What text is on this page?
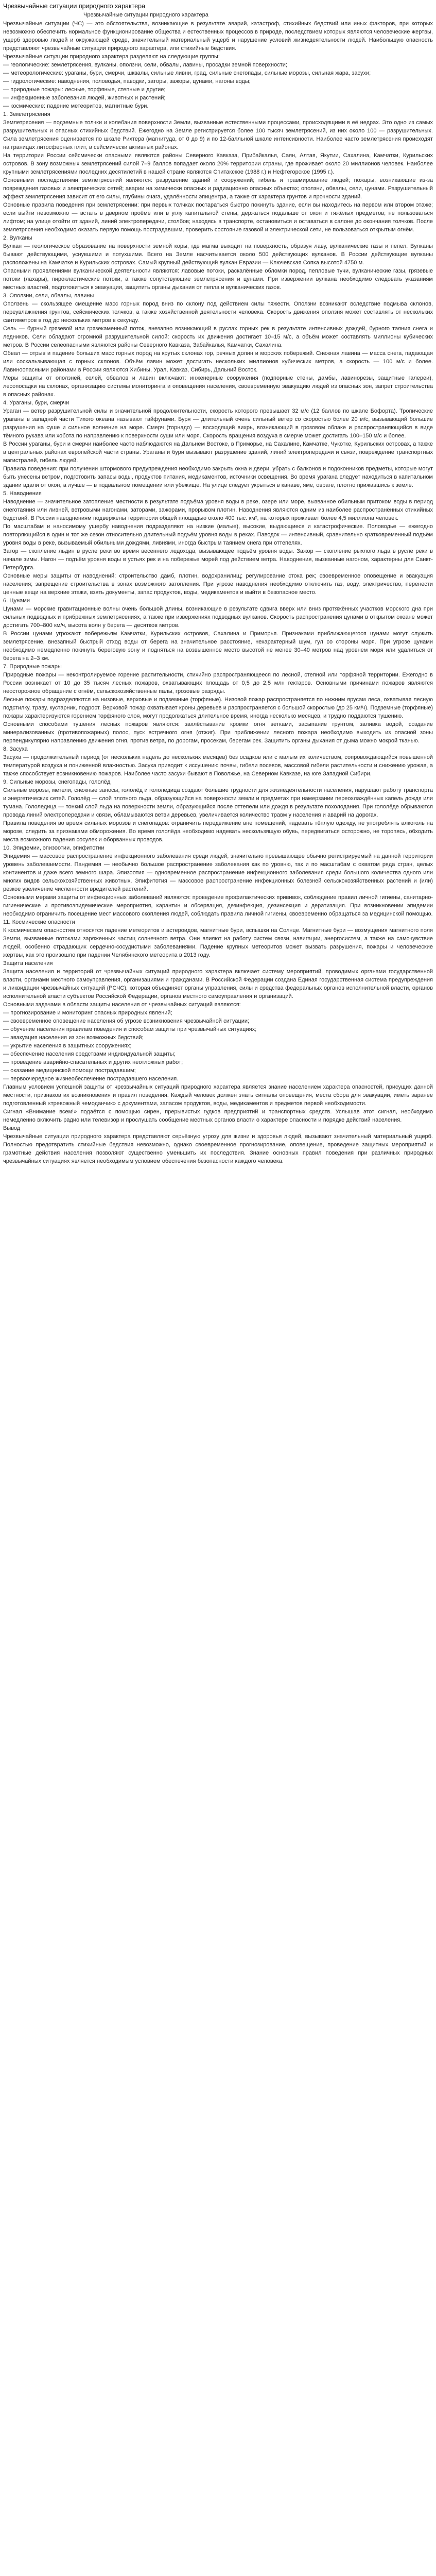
Чрезвычайные ситуации природного характера
Чрезвычайные ситуации природного характера

Чрезвычайные ситуации (ЧС) — это обстоятельства, возникающие в результате аварий, катастроф, стихийных бедствий или иных факторов, при которых невозможно обеспечить нормальное функционирование общества и естественных процессов в природе, последствием которых являются человеческие жертвы, ущерб здоровью людей и окружающей среде, значительный материальный ущерб и нарушение условий жизнедеятельности людей. Наибольшую опасность представляют чрезвычайные ситуации природного характера, или стихийные бедствия.

Чрезвычайные ситуации природного характера разделяют на следующие группы:

— геологические: землетрясения, вулканы, оползни, сели, обвалы, лавины, просадки земной поверхности;

— метеорологические: ураганы, бури, смерчи, шквалы, сильные ливни, град, сильные снегопады, сильные морозы, сильная жара, засухи;

— гидрологические: наводнения, половодья, паводки, заторы, зажоры, цунами, нагоны воды;

— природные пожары: лесные, торфяные, степные и другие;

— инфекционные заболевания людей, животных и растений;

— космические: падение метеоритов, магнитные бури.

1. Землетрясения

Землетрясения — подземные толчки и колебания поверхности Земли, вызванные естественными процессами, происходящими в её недрах. Это одно из самых разрушительных и опасных стихийных бедствий. Ежегодно на Земле регистрируется более 100 тысяч землетрясений, из них около 100 — разрушительных. Сила землетрясения оценивается по шкале Рихтера (магнитуда, от 0 до 9) и по 12-балльной шкале интенсивности. Наиболее часто землетрясения происходят на границах литосферных плит, в сейсмически активных районах.

На территории России сейсмически опасными являются районы Северного Кавказа, Прибайкалья, Саян, Алтая, Якутии, Сахалина, Камчатки, Курильских островов. В зону возможных землетрясений силой 7–9 баллов попадает около 20% территории страны, где проживает около 20 миллионов человек. Наиболее крупными землетрясениями последних десятилетий в нашей стране являются Спитакское (1988 г.) и Нефтегорское (1995 г.).

Основными последствиями землетрясений являются: разрушение зданий и сооружений; гибель и травмирование людей; пожары, возникающие из-за повреждения газовых и электрических сетей; аварии на химически опасных и радиационно опасных объектах; оползни, обвалы, сели, цунами. Разрушительный эффект землетрясения зависит от его силы, глубины очага, удалённости эпицентра, а также от характера грунтов и прочности зданий.

Основные правила поведения при землетрясении: при первых толчках постараться быстро покинуть здание, если вы находитесь на первом или втором этаже; если выйти невозможно — встать в дверном проёме или в углу капитальной стены, держаться подальше от окон и тяжёлых предметов; не пользоваться лифтом; на улице отойти от зданий, линий электропередачи, столбов; находясь в транспорте, остановиться и оставаться в салоне до окончания толчков. После землетрясения необходимо оказать первую помощь пострадавшим, проверить состояние газовой и электрической сети, не пользоваться открытым огнём.

2. Вулканы

Вулкан — геологическое образование на поверхности земной коры, где магма выходит на поверхность, образуя лаву, вулканические газы и пепел. Вулканы бывают действующими, уснувшими и потухшими. Всего на Земле насчитывается около 500 действующих вулканов. В России действующие вулканы расположены на Камчатке и Курильских островах. Самый крупный действующий вулкан Евразии — Ключевская Сопка высотой 4750 м.

Опасными проявлениями вулканической деятельности являются: лавовые потоки, раскалённые обломки пород, пепловые тучи, вулканические газы, грязевые потоки (лахары), пирокластические потоки, а также сопутствующие землетрясения и цунами. При извержении вулкана необходимо следовать указаниям местных властей, подготовиться к эвакуации, защитить органы дыхания от пепла и вулканических газов.

3. Оползни, сели, обвалы, лавины

Оползень — скользящее смещение масс горных пород вниз по склону под действием силы тяжести. Оползни возникают вследствие подмыва склонов, переувлажнения грунтов, сейсмических толчков, а также хозяйственной деятельности человека. Скорость движения оползня может составлять от нескольких сантиметров в год до нескольких метров в секунду.

Сель — бурный грязевой или грязекаменный поток, внезапно возникающий в руслах горных рек в результате интенсивных дождей, бурного таяния снега и ледников. Сели обладают огромной разрушительной силой: скорость их движения достигает 10–15 м/с, а объём может составлять миллионы кубических метров. В России селеопасными являются районы Северного Кавказа, Забайкалья, Камчатки, Сахалина.

Обвал — отрыв и падение больших масс горных пород на крутых склонах гор, речных долин и морских побережий. Снежная лавина — масса снега, падающая или соскальзывающая с горных склонов. Объём лавин может достигать нескольких миллионов кубических метров, а скорость — 100 м/с и более. Лавиноопасными районами в России являются Хибины, Урал, Кавказ, Сибирь, Дальний Восток.

Меры защиты от оползней, селей, обвалов и лавин включают: инженерные сооружения (подпорные стены, дамбы, лавинорезы, защитные галереи), лесопосадки на склонах, организацию системы мониторинга и оповещения населения, своевременную эвакуацию людей из опасных зон, запрет строительства в опасных районах.

4. Ураганы, бури, смерчи

Ураган — ветер разрушительной силы и значительной продолжительности, скорость которого превышает 32 м/с (12 баллов по шкале Бофорта). Тропические ураганы в западной части Тихого океана называют тайфунами. Буря — длительный очень сильный ветер со скоростью более 20 м/с, вызывающий большие разрушения на суше и сильное волнение на море. Смерч (торнадо) — восходящий вихрь, возникающий в грозовом облаке и распространяющийся в виде тёмного рукава или хобота по направлению к поверхности суши или моря. Скорость вращения воздуха в смерче может достигать 100–150 м/с и более.

В России ураганы, бури и смерчи наиболее часто наблюдаются на Дальнем Востоке, в Приморье, на Сахалине, Камчатке, Чукотке, Курильских островах, а также в центральных районах европейской части страны. Ураганы и бури вызывают разрушение зданий, линий электропередачи и связи, повреждение транспортных магистралей, гибель людей.

Правила поведения: при получении штормового предупреждения необходимо закрыть окна и двери, убрать с балконов и подоконников предметы, которые могут быть унесены ветром, подготовить запасы воды, продуктов питания, медикаментов, источники освещения. Во время урагана следует находиться в капитальном здании вдали от окон, а лучше — в подвальном помещении или убежище. На улице следует укрыться в канаве, яме, овраге, плотно прижавшись к земле.

5. Наводнения

Наводнение — значительное затопление местности в результате подъёма уровня воды в реке, озере или море, вызванное обильным притоком воды в период снеготаяния или ливней, ветровыми нагонами, заторами, зажорами, прорывом плотин. Наводнения являются одним из наиболее распространённых стихийных бедствий. В России наводнениям подвержены территории общей площадью около 400 тыс. км², на которых проживает более 4,5 миллиона человек.

По масштабам и наносимому ущербу наводнения подразделяют на низкие (малые), высокие, выдающиеся и катастрофические. Половодье — ежегодно повторяющийся в один и тот же сезон относительно длительный подъём уровня воды в реках. Паводок — интенсивный, сравнительно кратковременный подъём уровня воды в реке, вызываемый обильными дождями, ливнями, иногда быстрым таянием снега при оттепелях.

Затор — скопление льдин в русле реки во время весеннего ледохода, вызывающее подъём уровня воды. Зажор — скопление рыхлого льда в русле реки в начале зимы. Нагон — подъём уровня воды в устьях рек и на побережье морей под действием ветра. Наводнения, вызванные нагоном, характерны для Санкт-Петербурга.

Основные меры защиты от наводнений: строительство дамб, плотин, водохранилищ; регулирование стока рек; своевременное оповещение и эвакуация населения; запрещение строительства в зонах возможного затопления. При угрозе наводнения необходимо отключить газ, воду, электричество, перенести ценные вещи на верхние этажи, взять документы, запас продуктов, воды, медикаментов и выйти в безопасное место.

6. Цунами

Цунами — морские гравитационные волны очень большой длины, возникающие в результате сдвига вверх или вниз протяжённых участков морского дна при сильных подводных и прибрежных землетрясениях, а также при извержениях подводных вулканов. Скорость распространения цунами в открытом океане может достигать 700–800 км/ч, высота волн у берега — десятков метров.

В России цунами угрожают побережьям Камчатки, Курильских островов, Сахалина и Приморья. Признаками приближающегося цунами могут служить землетрясение, внезапный быстрый отход воды от берега на значительное расстояние, нехарактерный шум, гул со стороны моря. При угрозе цунами необходимо немедленно покинуть береговую зону и подняться на возвышенное место высотой не менее 30–40 метров над уровнем моря или удалиться от берега на 2–3 км.

7. Природные пожары

Природные пожары — неконтролируемое горение растительности, стихийно распространяющееся по лесной, степной или торфяной территории. Ежегодно в России возникает от 10 до 35 тысяч лесных пожаров, охватывающих площадь от 0,5 до 2,5 млн гектаров. Основными причинами пожаров являются неосторожное обращение с огнём, сельскохозяйственные палы, грозовые разряды.

Лесные пожары подразделяются на низовые, верховые и подземные (торфяные). Низовой пожар распространяется по нижним ярусам леса, охватывая лесную подстилку, траву, кустарник, подрост. Верховой пожар охватывает кроны деревьев и распространяется с большой скоростью (до 25 км/ч). Подземные (торфяные) пожары характеризуются горением торфяного слоя, могут продолжаться длительное время, иногда несколько месяцев, и трудно поддаются тушению.

Основными способами тушения лесных пожаров являются: захлёстывание кромки огня ветками, засыпание грунтом, заливка водой, создание минерализованных (противопожарных) полос, пуск встречного огня (отжиг). При приближении лесного пожара необходимо выходить из опасной зоны перпендикулярно направлению движения огня, против ветра, по дорогам, просекам, берегам рек. Защитить органы дыхания от дыма можно мокрой тканью.

8. Засуха

Засуха — продолжительный период (от нескольких недель до нескольких месяцев) без осадков или с малым их количеством, сопровождающийся повышенной температурой воздуха и пониженной влажностью. Засуха приводит к иссушению почвы, гибели посевов, массовой гибели растительности и снижению урожая, а также способствует возникновению пожаров. Наиболее часто засухи бывают в Поволжье, на Северном Кавказе, на юге Западной Сибири.

9. Сильные морозы, снегопады, гололёд

Сильные морозы, метели, снежные заносы, гололёд и гололедица создают большие трудности для жизнедеятельности населения, нарушают работу транспорта и энергетических сетей. Гололёд — слой плотного льда, образующийся на поверхности земли и предметах при намерзании переохлаждённых капель дождя или тумана. Гололедица — тонкий слой льда на поверхности земли, образующийся после оттепели или дождя в результате похолодания. При гололёде обрываются провода линий электропередачи и связи, обламываются ветви деревьев, увеличивается количество травм у населения и аварий на дорогах.

Правила поведения во время сильных морозов и снегопадов: ограничить передвижение вне помещений, надевать тёплую одежду, не употреблять алкоголь на морозе, следить за признаками обморожения. Во время гололёда необходимо надевать нескользящую обувь, передвигаться осторожно, не торопясь, обходить места возможного падения сосулек и оборванных проводов.

10. Эпидемии, эпизоотии, эпифитотии

Эпидемия — массовое распространение инфекционного заболевания среди людей, значительно превышающее обычно регистрируемый на данной территории уровень заболеваемости. Пандемия — необычно большое распространение заболевания как по уровню, так и по масштабам с охватом ряда стран, целых континентов и даже всего земного шара. Эпизоотия — одновременное распространение инфекционного заболевания среди большого количества одного или многих видов сельскохозяйственных животных. Эпифитотия — массовое распространение инфекционных болезней сельскохозяйственных растений и (или) резкое увеличение численности вредителей растений.

Основными мерами защиты от инфекционных заболеваний являются: проведение профилактических прививок, соблюдение правил личной гигиены, санитарно-гигиенические и противоэпидемические мероприятия, карантин и обсервация, дезинфекция, дезинсекция и дератизация. При возникновении эпидемии необходимо ограничить посещение мест массового скопления людей, соблюдать правила личной гигиены, своевременно обращаться за медицинской помощью.

11. Космические опасности

К космическим опасностям относятся падение метеоритов и астероидов, магнитные бури, вспышки на Солнце. Магнитные бури — возмущения магнитного поля Земли, вызванные потоками заряженных частиц солнечного ветра. Они влияют на работу систем связи, навигации, энергосистем, а также на самочувствие людей, особенно страдающих сердечно-сосудистыми заболеваниями. Падение крупных метеоритов может вызвать разрушения, пожары и человеческие жертвы, как это произошло при падении Челябинского метеорита в 2013 году.

Защита населения

Защита населения и территорий от чрезвычайных ситуаций природного характера включает систему мероприятий, проводимых органами государственной власти, органами местного самоуправления, организациями и гражданами. В Российской Федерации создана Единая государственная система предупреждения и ликвидации чрезвычайных ситуаций (РСЧС), которая объединяет органы управления, силы и средства федеральных органов исполнительной власти, органов исполнительной власти субъектов Российской Федерации, органов местного самоуправления и организаций.

Основными задачами в области защиты населения от чрезвычайных ситуаций являются:

— прогнозирование и мониторинг опасных природных явлений;

— своевременное оповещение населения об угрозе возникновения чрезвычайной ситуации;

— обучение населения правилам поведения и способам защиты при чрезвычайных ситуациях;

— эвакуация населения из зон возможных бедствий;

— укрытие населения в защитных сооружениях;

— обеспечение населения средствами индивидуальной защиты;

— проведение аварийно-спасательных и других неотложных работ;

— оказание медицинской помощи пострадавшим;

— первоочередное жизнеобеспечение пострадавшего населения.

Главным условием успешной защиты от чрезвычайных ситуаций природного характера является знание населением характера опасностей, присущих данной местности, признаков их возникновения и правил поведения. Каждый человек должен знать сигналы оповещения, места сбора для эвакуации, иметь заранее подготовленный «тревожный чемоданчик» с документами, запасом продуктов, воды, медикаментов и предметов первой необходимости.

Сигнал «Внимание всем!» подаётся с помощью сирен, прерывистых гудков предприятий и транспортных средств. Услышав этот сигнал, необходимо немедленно включить радио или телевизор и прослушать сообщение местных органов власти о характере опасности и порядке действий населения.

Вывод

Чрезвычайные ситуации природного характера представляют серьёзную угрозу для жизни и здоровья людей, вызывают значительный материальный ущерб. Полностью предотвратить стихийные бедствия невозможно, однако своевременное прогнозирование, оповещение, проведение защитных мероприятий и грамотные действия населения позволяют существенно уменьшить их последствия. Знание основных правил поведения при различных природных чрезвычайных ситуациях является необходимым условием обеспечения безопасности каждого человека.
